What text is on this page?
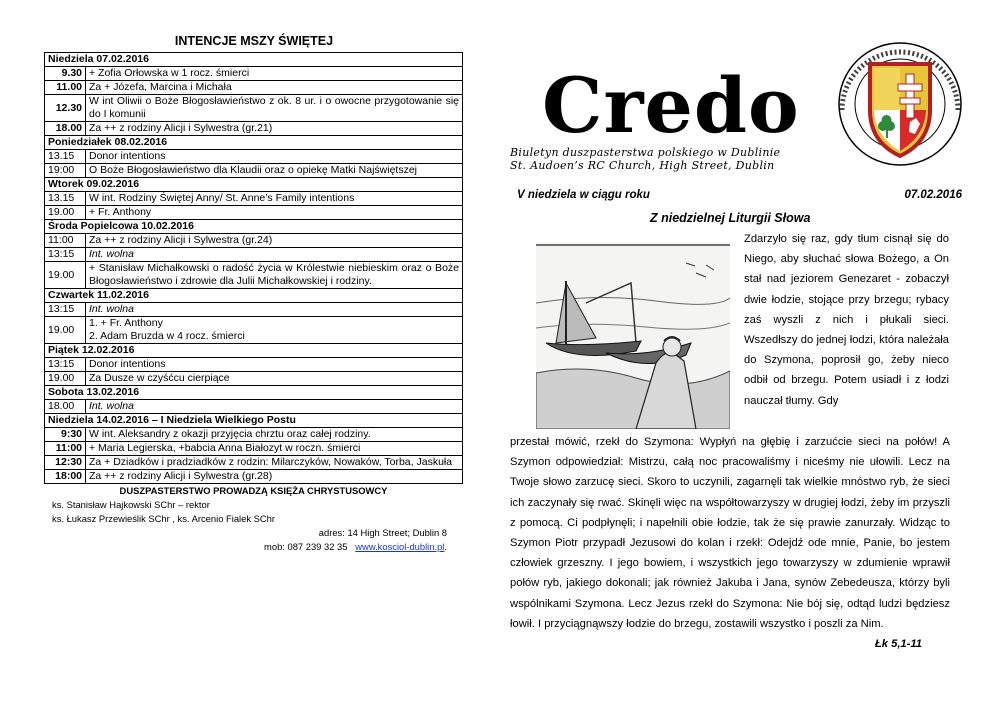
INTENCJE MSZY ŚWIĘTEJ
Niedziela 07.02.2016	
9.30	+ Zofia Orłowska w 1 rocz. śmierci
11.00	Za + Józefa, Marcina i Michała
12.30	W int Oliwii o Boże Błogosławieństwo z ok. 8 ur. i o owocne przygotowanie się do I komunii
18.00	Za ++ z rodziny Alicji i Sylwestra (gr.21)
Poniedziałek 08.02.2016	
13.15	Donor intentions
19:00	O Boże Błogosławieństwo dla Klaudii oraz o opiekę Matki Najświętszej
Wtorek 09.02.2016	
13.15	W int. Rodziny Świętej Anny/ St. Anne’s Family intentions
19.00	+ Fr. Anthony
Środa Popielcowa 10.02.2016	
11:00	Za ++ z rodziny Alicji i Sylwestra (gr.24)
13:15	Int. wolna
19.00	+ Stanisław Michałkowski o radość życia w Królestwie niebieskim oraz o Boże Błogosławieństwo i zdrowie dla Julii Michałkowskiej i rodziny.
Czwartek 11.02.2016	
13:15	Int. wolna
19.00	1. + Fr. Anthony
2. Adam Bruzda w 4 rocz. śmierci
Piątek 12.02.2016	
13:15	Donor intentions
19.00	Za Dusze w czyśćcu cierpiące
Sobota 13.02.2016	
18.00	Int. wolna
Niedziela 14.02.2016 – I Niedziela Wielkiego Postu	
9:30	W int. Aleksandry z okazji przyjęcia chrztu oraz całej rodziny.
11:00	+ Maria Legierska, +babcia Anna Białozyt w roczn. śmierci
12:30	Za + Dziadków i pradziadków z rodzin: Milarczyków, Nowaków, Torba, Jaskuła
18:00	Za ++ z rodziny Alicji i Sylwestra (gr.28)
DUSZPASTERSTWO PROWADZĄ KSIĘŻA CHRYSTUSOWCY
ks. Stanisław Hajkowski SChr – rektor
ks. Łukasz Przewieślik SChr , ks. Arcenio Fialek SChr
adres: 14 High Street; Dublin 8
mob: 087 239 32 35 www.kosciol-dublin.pl.
Credo
Biuletyn duszpasterstwa polskiego w Dublinie
St. Audoen’s RC Church, High Street, Dublin
V niedziela w ciągu roku	07.02.2016
Z niedzielnej Liturgii Słowa
Zdarzyło się raz, gdy tłum cisnął się do Niego, aby słuchać słowa Bożego, a On stał nad jeziorem Genezaret - zobaczył dwie łodzie, stojące przy brzegu; rybacy zaś wyszli z nich i płukali sieci. Wszedłszy do jednej łodzi, która należała do Szymona, poprosił go, żeby nieco odbił od brzegu. Potem usiadł i z łodzi nauczał tłumy. Gdy
przestał mówić, rzekł do Szymona: Wypłyń na głębię i zarzućcie sieci na połów! A Szymon odpowiedział: Mistrzu, całą noc pracowaliśmy i niceśmy nie ułowili. Lecz na Twoje słowo zarzucę sieci. Skoro to uczynili, zagarnęli tak wielkie mnóstwo ryb, że sieci ich zaczynały się rwać. Skinęli więc na współtowarzyszy w drugiej łodzi, żeby im przyszli z pomocą. Ci podpłynęli; i napełnili obie łodzie, tak że się prawie zanurzały. Widząc to Szymon Piotr przypadł Jezusowi do kolan i rzekł: Odejdź ode mnie, Panie, bo jestem człowiek grzeszny. I jego bowiem, i wszystkich jego towarzyszy w zdumienie wprawił połów ryb, jakiego dokonali; jak również Jakuba i Jana, synów Zebedeusza, którzy byli wspólnikami Szymona. Lecz Jezus rzekł do Szymona: Nie bój się, odtąd ludzi będziesz łowił. I przyciągnąwszy łodzie do brzegu, zostawili wszystko i poszli za Nim.
Łk 5,1-11
